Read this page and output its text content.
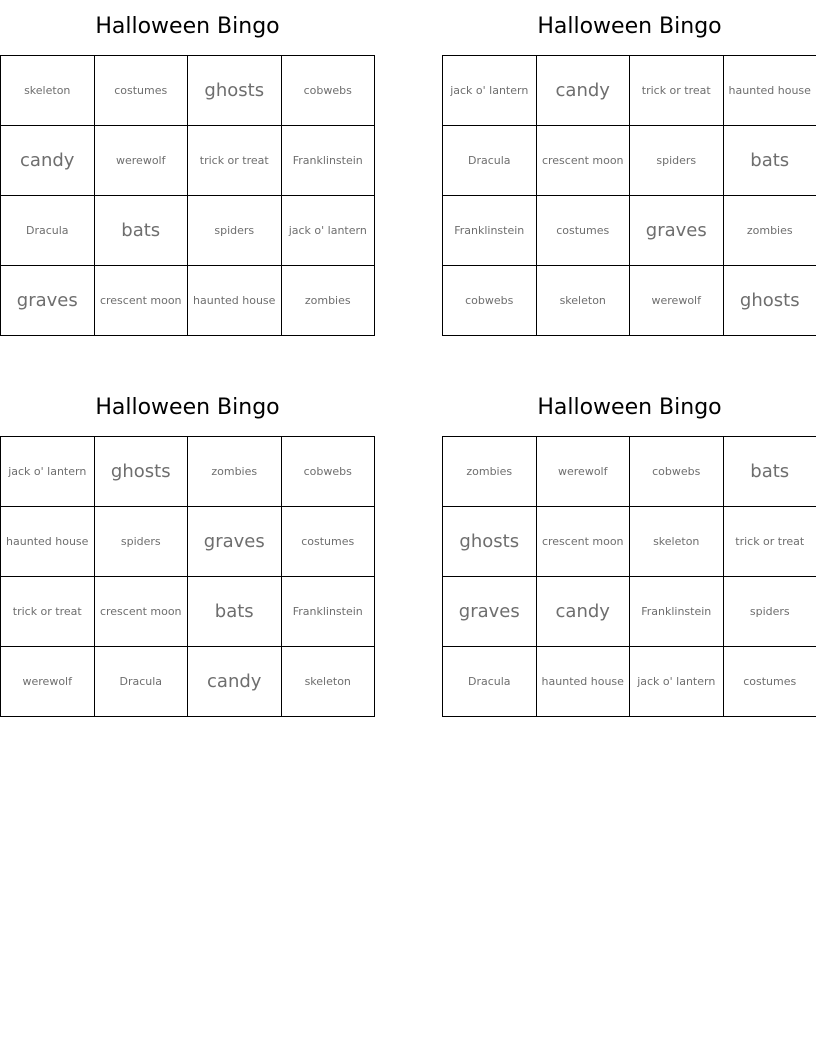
Halloween Bingo
skeleton	costumes	ghosts	cobwebs
candy	werewolf	trick or treat	Franklinstein
Dracula	bats	spiders	jack o' lantern
graves	crescent moon	haunted house	zombies
Halloween Bingo
jack o' lantern	candy	trick or treat	haunted house
Dracula	crescent moon	spiders	bats
Franklinstein	costumes	graves	zombies
cobwebs	skeleton	werewolf	ghosts
Halloween Bingo
jack o' lantern	ghosts	zombies	cobwebs
haunted house	spiders	graves	costumes
trick or treat	crescent moon	bats	Franklinstein
werewolf	Dracula	candy	skeleton
Halloween Bingo
zombies	werewolf	cobwebs	bats
ghosts	crescent moon	skeleton	trick or treat
graves	candy	Franklinstein	spiders
Dracula	haunted house	jack o' lantern	costumes
